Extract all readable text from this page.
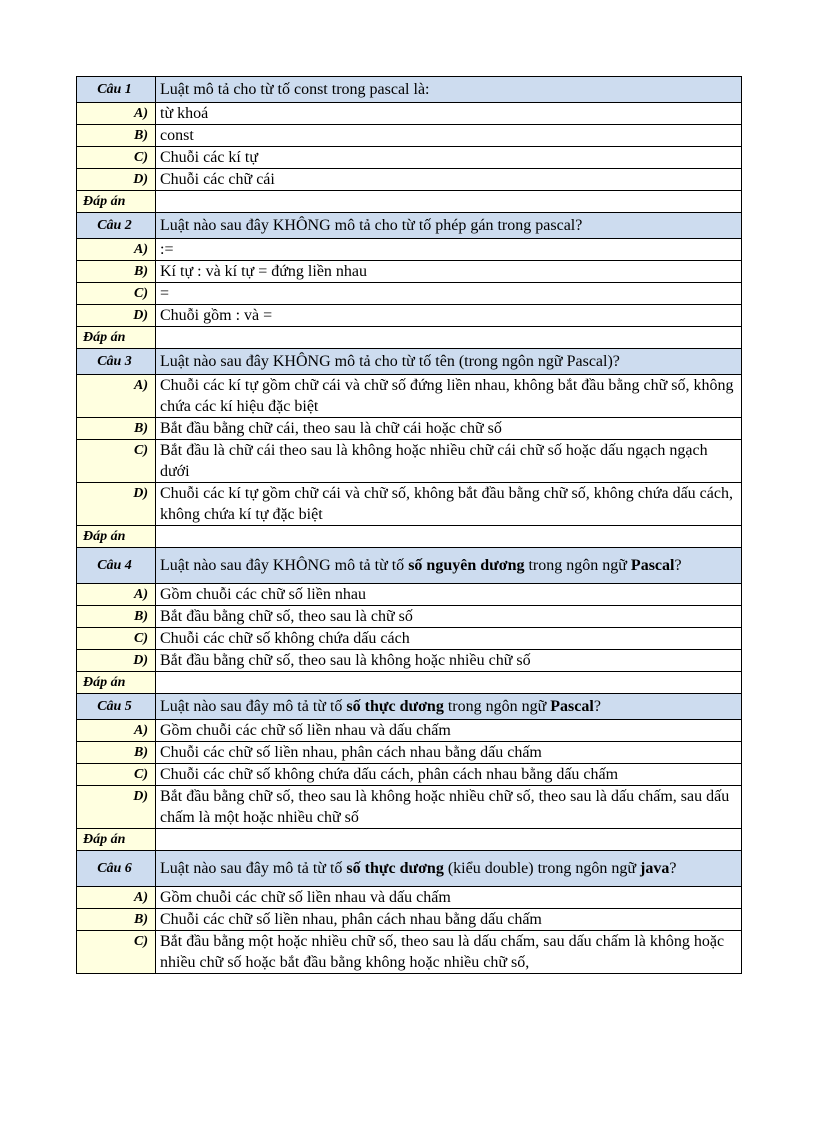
Câu 1	Luật mô tả cho từ tố const trong pascal là:
A)	từ khoá
B)	const
C)	Chuỗi các kí tự
D)	Chuỗi các chữ cái
Đáp án	
Câu 2	Luật nào sau đây KHÔNG mô tả cho từ tố phép gán trong pascal?
A)	:=
B)	Kí tự : và kí tự = đứng liền nhau
C)	=
D)	Chuỗi gồm : và =
Đáp án	
Câu 3	Luật nào sau đây KHÔNG mô tả cho từ tố tên (trong ngôn ngữ Pascal)?
A)	Chuỗi các kí tự gồm chữ cái và chữ số đứng liền nhau, không bắt đầu bằng chữ số, không chứa các kí hiệu đặc biệt
B)	Bắt đầu bằng chữ cái, theo sau là chữ cái hoặc chữ số
C)	Bắt đầu là chữ cái theo sau là không hoặc nhiều chữ cái chữ số hoặc dấu ngạch ngạch dưới
D)	Chuỗi các kí tự gồm chữ cái và chữ số, không bắt đầu bằng chữ số, không chứa dấu cách, không chứa kí tự đặc biệt
Đáp án	
Câu 4	Luật nào sau đây KHÔNG mô tả từ tố số nguyên dương trong ngôn ngữ Pascal?
A)	Gồm chuỗi các chữ số liền nhau
B)	Bắt đầu bằng chữ số, theo sau là chữ số
C)	Chuỗi các chữ số không chứa dấu cách
D)	Bắt đầu bằng chữ số, theo sau là không hoặc nhiều chữ số
Đáp án	
Câu 5	Luật nào sau đây mô tả từ tố số thực dương trong ngôn ngữ Pascal?
A)	Gồm chuỗi các chữ số liền nhau và dấu chấm
B)	Chuỗi các chữ số liền nhau, phân cách nhau bằng dấu chấm
C)	Chuỗi các chữ số không chứa dấu cách, phân cách nhau bằng dấu chấm
D)	Bắt đầu bằng chữ số, theo sau là không hoặc nhiều chữ số, theo sau là dấu chấm, sau dấu chấm là một hoặc nhiều chữ số
Đáp án	
Câu 6	Luật nào sau đây mô tả từ tố số thực dương (kiểu double) trong ngôn ngữ java?
A)	Gồm chuỗi các chữ số liền nhau và dấu chấm
B)	Chuỗi các chữ số liền nhau, phân cách nhau bằng dấu chấm
C)	Bắt đầu bằng một hoặc nhiều chữ số, theo sau là dấu chấm, sau dấu chấm là không hoặc nhiều chữ số hoặc bắt đầu bằng không hoặc nhiều chữ số,
